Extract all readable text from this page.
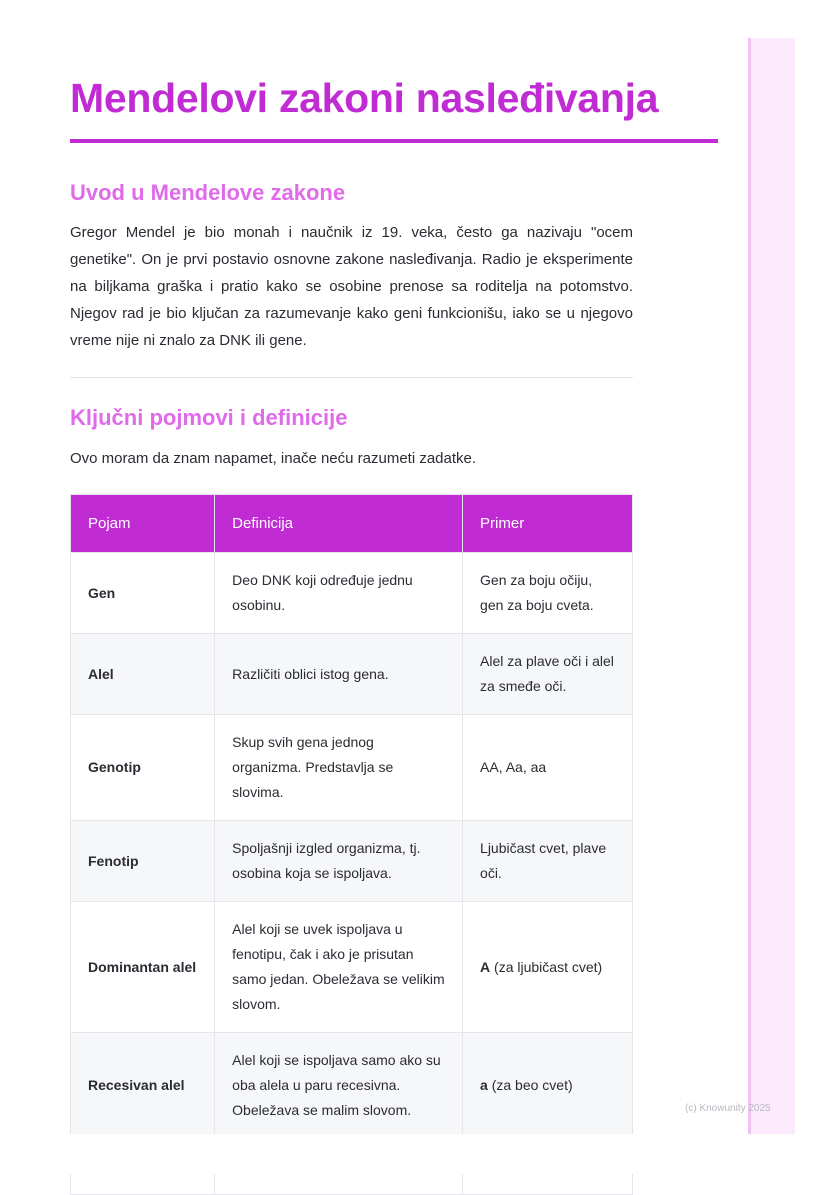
Mendelovi zakoni nasleđivanja
Uvod u Mendelove zakone

Gregor Mendel je bio monah i naučnik iz 19. veka, često ga nazivaju "ocem genetike". On je prvi postavio osnovne zakone nasleđivanja. Radio je eksperimente na biljkama graška i pratio kako se osobine prenose sa roditelja na potomstvo. Njegov rad je bio ključan za razumevanje kako geni funkcionišu, iako se u njegovo vreme nije ni znalo za DNK ili gene.

Ključni pojmovi i definicije

Ovo moram da znam napamet, inače neću razumeti zadatke.

Pojam	Definicija	Primer
Gen	Deo DNK koji određuje jednu osobinu.	Gen za boju očiju, gen za boju cveta.
Alel	Različiti oblici istog gena.	Alel za plave oči i alel za smeđe oči.
Genotip	Skup svih gena jednog organizma. Predstavlja se slovima.	AA, Aa, aa
Fenotip	Spoljašnji izgled organizma, tj. osobina koja se ispoljava.	Ljubičast cvet, plave oči.
Dominantan alel	Alel koji se uvek ispoljava u fenotipu, čak i ako je prisutan samo jedan. Obeležava se velikim slovom.	A (za ljubičast cvet)
Recesivan alel	Alel koji se ispoljava samo ako su oba alela u paru recesivna. Obeležava se malim slovom.	a (za beo cvet)

(c) Knowunity 2025
